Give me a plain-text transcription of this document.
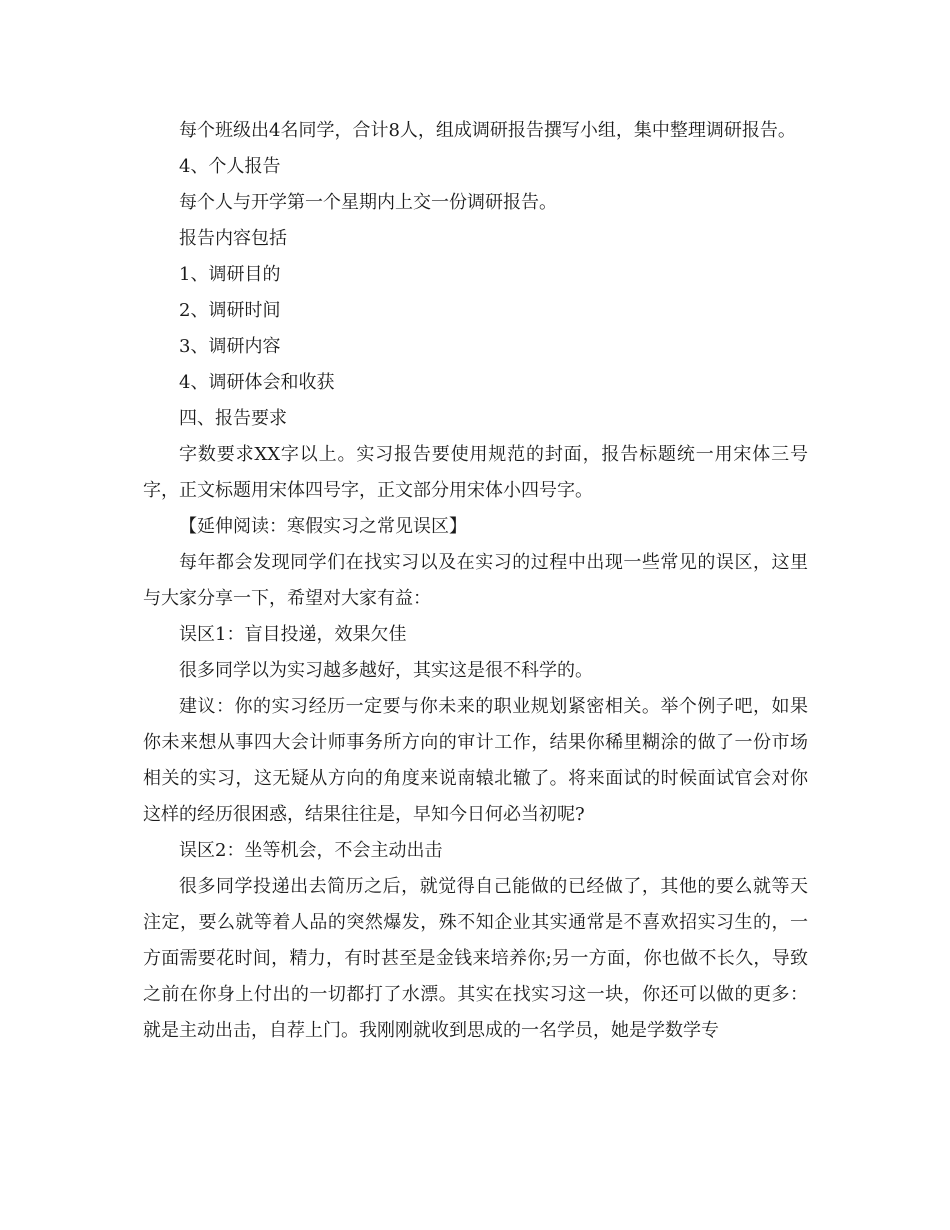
每个班级出4名同学，合计8人，组成调研报告撰写小组，集中整理调研报告。

4、个人报告

每个人与开学第一个星期内上交一份调研报告。

报告内容包括

1、调研目的

2、调研时间

3、调研内容

4、调研体会和收获

四、报告要求

字数要求XX字以上。实习报告要使用规范的封面，报告标题统一用宋体三号字，正文标题用宋体四号字，正文部分用宋体小四号字。

【延伸阅读：寒假实习之常见误区】

每年都会发现同学们在找实习以及在实习的过程中出现一些常见的误区，这里与大家分享一下，希望对大家有益：

误区1：盲目投递，效果欠佳

很多同学以为实习越多越好，其实这是很不科学的。

建议：你的实习经历一定要与你未来的职业规划紧密相关。举个例子吧，如果你未来想从事四大会计师事务所方向的审计工作，结果你稀里糊涂的做了一份市场相关的实习，这无疑从方向的角度来说南辕北辙了。将来面试的时候面试官会对你这样的经历很困惑，结果往往是，早知今日何必当初呢?

误区2：坐等机会，不会主动出击

很多同学投递出去简历之后，就觉得自己能做的已经做了，其他的要么就等天注定，要么就等着人品的突然爆发，殊不知企业其实通常是不喜欢招实习生的，一方面需要花时间，精力，有时甚至是金钱来培养你;另一方面，你也做不长久，导致之前在你身上付出的一切都打了水漂。其实在找实习这一块，你还可以做的更多：就是主动出击，自荐上门。我刚刚就收到思成的一名学员，她是学数学专
